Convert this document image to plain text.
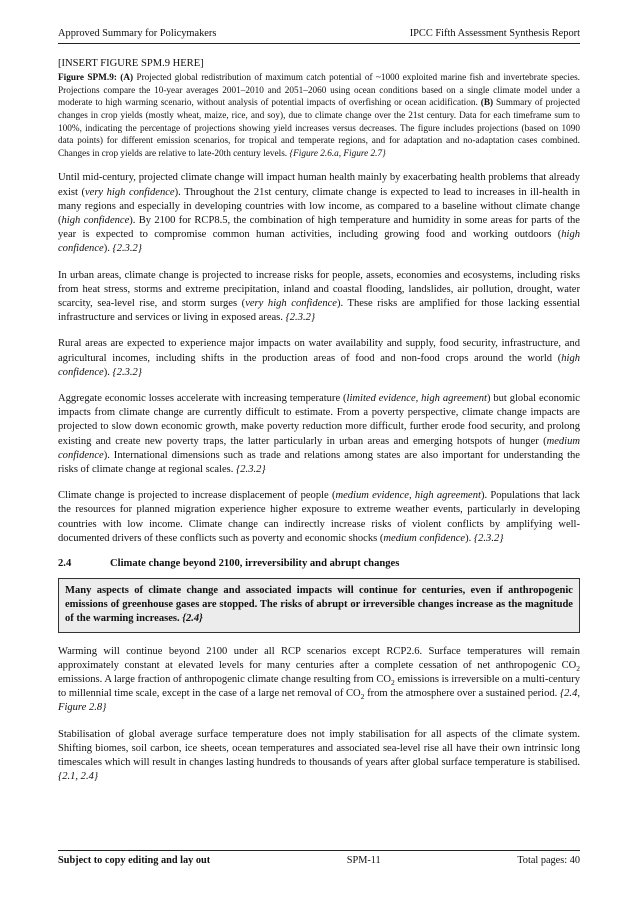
Approved Summary for Policymakers	IPCC Fifth Assessment Synthesis Report

[INSERT FIGURE SPM.9 HERE]

Figure SPM.9: (A) Projected global redistribution of maximum catch potential of ~1000 exploited marine fish and invertebrate species. Projections compare the 10-year averages 2001–2010 and 2051–2060 using ocean conditions based on a single climate model under a moderate to high warming scenario, without analysis of potential impacts of overfishing or ocean acidification. (B) Summary of projected changes in crop yields (mostly wheat, maize, rice, and soy), due to climate change over the 21st century. Data for each timeframe sum to 100%, indicating the percentage of projections showing yield increases versus decreases. The figure includes projections (based on 1090 data points) for different emission scenarios, for tropical and temperate regions, and for adaptation and no-adaptation cases combined. Changes in crop yields are relative to late-20th century levels. {Figure 2.6.a, Figure 2.7}

Until mid-century, projected climate change will impact human health mainly by exacerbating health problems that already exist (very high confidence). Throughout the 21st century, climate change is expected to lead to increases in ill-health in many regions and especially in developing countries with low income, as compared to a baseline without climate change (high confidence). By 2100 for RCP8.5, the combination of high temperature and humidity in some areas for parts of the year is expected to compromise common human activities, including growing food and working outdoors (high confidence). {2.3.2}

In urban areas, climate change is projected to increase risks for people, assets, economies and ecosystems, including risks from heat stress, storms and extreme precipitation, inland and coastal flooding, landslides, air pollution, drought, water scarcity, sea-level rise, and storm surges (very high confidence). These risks are amplified for those lacking essential infrastructure and services or living in exposed areas. {2.3.2}

Rural areas are expected to experience major impacts on water availability and supply, food security, infrastructure, and agricultural incomes, including shifts in the production areas of food and non-food crops around the world (high confidence). {2.3.2}

Aggregate economic losses accelerate with increasing temperature (limited evidence, high agreement) but global economic impacts from climate change are currently difficult to estimate. From a poverty perspective, climate change impacts are projected to slow down economic growth, make poverty reduction more difficult, further erode food security, and prolong existing and create new poverty traps, the latter particularly in urban areas and emerging hotspots of hunger (medium confidence). International dimensions such as trade and relations among states are also important for understanding the risks of climate change at regional scales. {2.3.2}

Climate change is projected to increase displacement of people (medium evidence, high agreement). Populations that lack the resources for planned migration experience higher exposure to extreme weather events, particularly in developing countries with low income. Climate change can indirectly increase risks of violent conflicts by amplifying well-documented drivers of these conflicts such as poverty and economic shocks (medium confidence). {2.3.2}

2.4	Climate change beyond 2100, irreversibility and abrupt changes

Many aspects of climate change and associated impacts will continue for centuries, even if anthropogenic emissions of greenhouse gases are stopped. The risks of abrupt or irreversible changes increase as the magnitude of the warming increases. {2.4}

Warming will continue beyond 2100 under all RCP scenarios except RCP2.6. Surface temperatures will remain approximately constant at elevated levels for many centuries after a complete cessation of net anthropogenic $CO_2$ emissions. A large fraction of anthropogenic climate change resulting from $CO_2$ emissions is irreversible on a multi-century to millennial time scale, except in the case of a large net removal of $CO_2$ from the atmosphere over a sustained period. {2.4, Figure 2.8}

Stabilisation of global average surface temperature does not imply stabilisation for all aspects of the climate system. Shifting biomes, soil carbon, ice sheets, ocean temperatures and associated sea-level rise all have their own intrinsic long timescales which will result in changes lasting hundreds to thousands of years after global surface temperature is stabilised. {2.1, 2.4}

Subject to copy editing and lay out	SPM-11	Total pages: 40
